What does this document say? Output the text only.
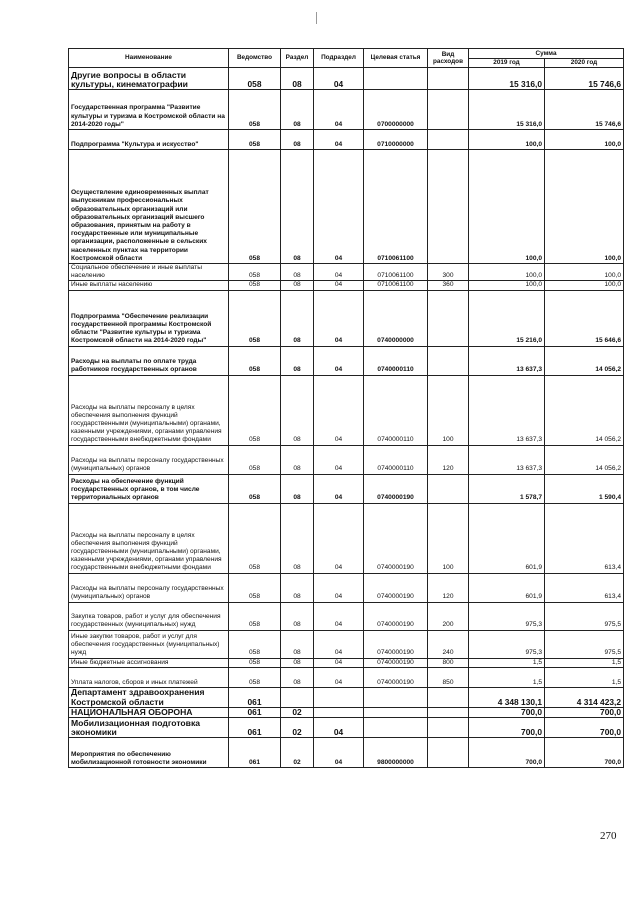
Наименование	Ведомство	Раздел	Подраздел	Целевая статья	Вид расходов	Сумма	
						2019 год	2020 год
Другие вопросы в области культуры, кинематографии	058	08	04			15 316,0	15 746,6
Государственная программа "Развитие культуры и туризма в Костромской области на 2014-2020 годы"	058	08	04	0700000000		15 316,0	15 746,6
Подпрограмма "Культура и искусство"	058	08	04	0710000000		100,0	100,0
Осуществление единовременных выплат выпускникам профессиональных образовательных организаций или образовательных организаций высшего образования, принятым на работу в государственные или муниципальные организации, расположенные в сельских населенных пунктах на территории Костромской области	058	08	04	0710061100		100,0	100,0
Социальное обеспечение и иные выплаты населению	058	08	04	0710061100	300	100,0	100,0
Иные выплаты населению	058	08	04	0710061100	360	100,0	100,0
Подпрограмма "Обеспечение реализации государственной программы Костромской области "Развитие культуры и туризма Костромской области на 2014-2020 годы"	058	08	04	0740000000		15 216,0	15 646,6
Расходы на выплаты по оплате труда работников государственных органов	058	08	04	0740000110		13 637,3	14 056,2
Расходы на выплаты персоналу в целях обеспечения выполнения функций государственными (муниципальными) органами, казенными учреждениями, органами управления государственными внебюджетными фондами	058	08	04	0740000110	100	13 637,3	14 056,2
Расходы на выплаты персоналу государственных (муниципальных) органов	058	08	04	0740000110	120	13 637,3	14 056,2
Расходы на обеспечение функций государственных органов, в том числе территориальных органов	058	08	04	0740000190		1 578,7	1 590,4
Расходы на выплаты персоналу в целях обеспечения выполнения функций государственными (муниципальными) органами, казенными учреждениями, органами управления государственными внебюджетными фондами	058	08	04	0740000190	100	601,9	613,4
Расходы на выплаты персоналу государственных (муниципальных) органов	058	08	04	0740000190	120	601,9	613,4
Закупка товаров, работ и услуг для обеспечения государственных (муниципальных) нужд	058	08	04	0740000190	200	975,3	975,5
Иные закупки товаров, работ и услуг для обеспечения государственных (муниципальных) нужд	058	08	04	0740000190	240	975,3	975,5
Иные бюджетные ассигнования	058	08	04	0740000190	800	1,5	1,5
Уплата налогов, сборов и иных платежей	058	08	04	0740000190	850	1,5	1,5
Департамент здравоохранения Костромской области	061					4 348 130,1	4 314 423,2
НАЦИОНАЛЬНАЯ ОБОРОНА	061	02				700,0	700,0
Мобилизационная подготовка экономики	061	02	04			700,0	700,0
Мероприятия по обеспечению мобилизационной готовности экономики	061	02	04	9800000000		700,0	700,0
270
